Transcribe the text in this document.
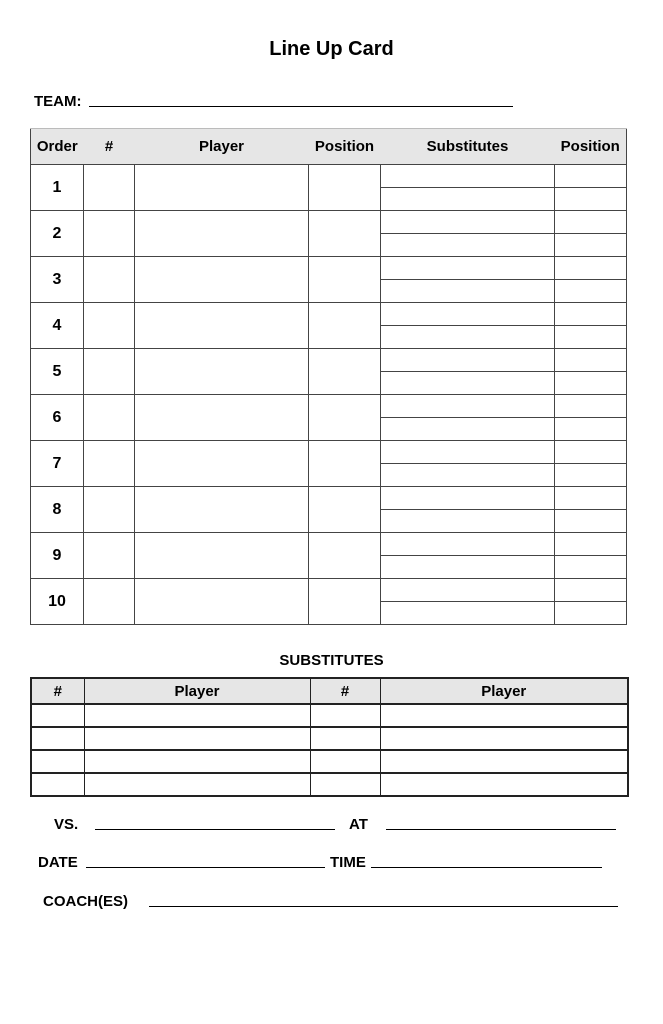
Line Up Card
TEAM:
Order	#	Player	Position	Substitutes	Position
1				

2				

3				

4				

5				

6				

7				

8				

9				

10				

SUBSTITUTES
#	Player	#	Player

VS.	AT
DATE	TIME
COACH(ES)
